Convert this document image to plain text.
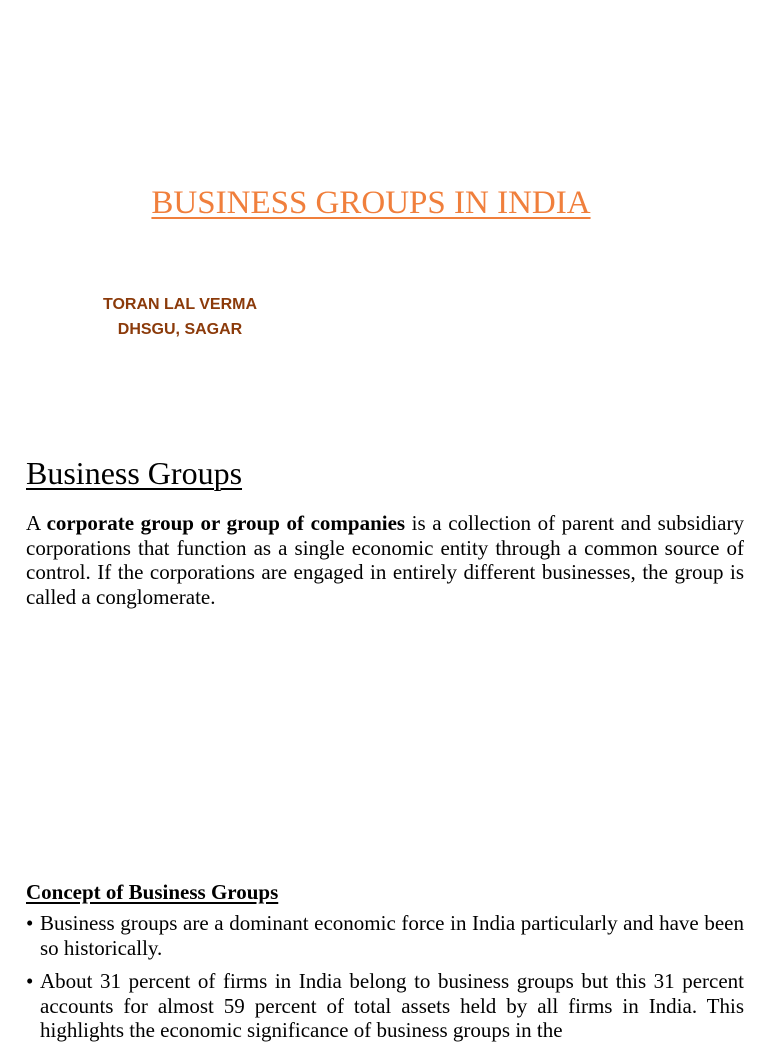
BUSINESS GROUPS IN INDIA
TORAN LAL VERMA
DHSGU, SAGAR
Business Groups

A corporate group or group of companies is a collection of parent and subsidiary corporations that function as a single economic entity through a common source of control. If the corporations are engaged in entirely different businesses, the group is called a conglomerate.

Concept of Business Groups
• Business groups are a dominant economic force in India particularly and have been so historically.
• About 31 percent of firms in India belong to business groups but this 31 percent accounts for almost 59 percent of total assets held by all firms in India. This highlights the economic significance of business groups in the
